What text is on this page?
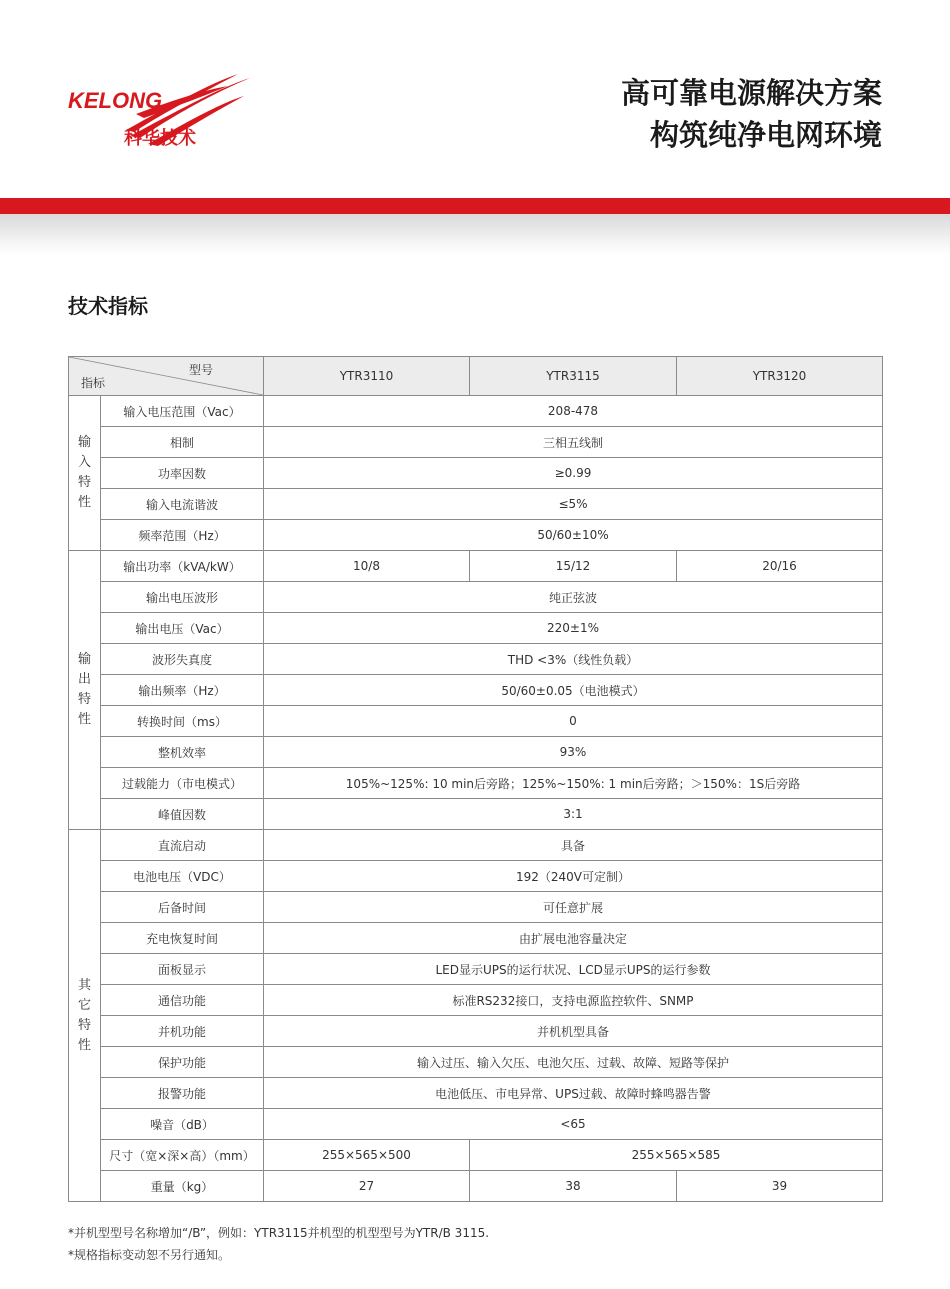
KELONG
科华技术
高可靠电源解决方案
构筑纯净电网环境
技术指标
型号
指标		YTR3110	YTR3115	YTR3120

输
入
特
性	输入电压范围（Vac）	208-478		
	相制	三相五线制		
	功率因数	≥0.99		
	输入电流谐波	≤5%		
	频率范围（Hz）	50/60±10%		

输
出
特
性	输出功率（kVA/kW）	10/8	15/12	20/16
	输出电压波形	纯正弦波		
	输出电压（Vac）	220±1%		
	波形失真度	THD <3%（线性负载）		
	输出频率（Hz）	50/60±0.05（电池模式）		
	转换时间（ms）	0		
	整机效率	93%		
	过载能力（市电模式）	105%~125%: 10 min后旁路；125%~150%: 1 min后旁路；＞150%：1S后旁路		
	峰值因数	3:1		

其
它
特
性	直流启动	具备		
	电池电压（VDC）	192（240V可定制）		
	后备时间	可任意扩展		
	充电恢复时间	由扩展电池容量决定		
	面板显示	LED显示UPS的运行状况、LCD显示UPS的运行参数		
	通信功能	标准RS232接口，支持电源监控软件、SNMP		
	并机功能	并机机型具备		
	保护功能	输入过压、输入欠压、电池欠压、过载、故障、短路等保护		
	报警功能	电池低压、市电异常、UPS过载、故障时蜂鸣器告警		
	噪音（dB）	<65		
	尺寸（宽×深×高）（mm）	255×565×500	255×565×585	
	重量（kg）	27	38	39
*并机型型号名称增加“/B”，例如：YTR3115并机型的机型型号为YTR/B 3115.
*规格指标变动恕不另行通知。
